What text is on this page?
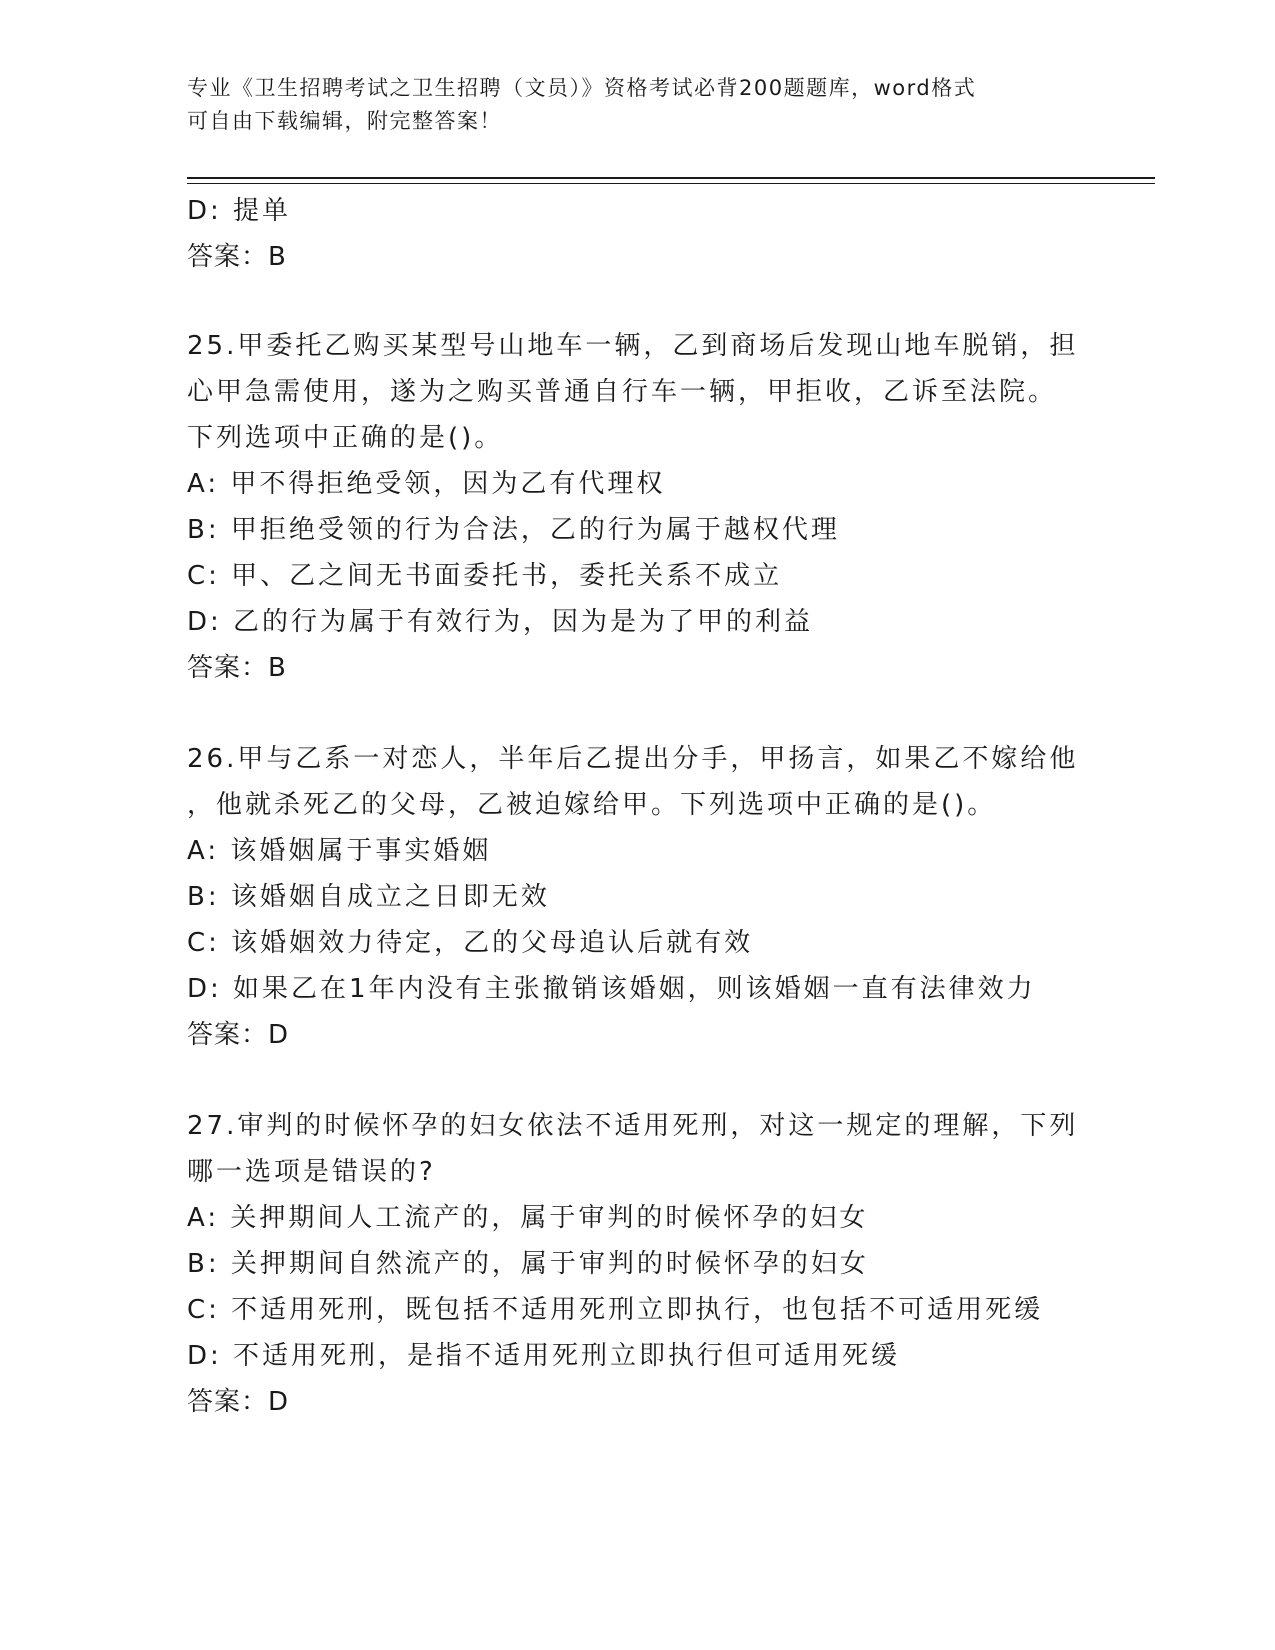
专业《卫生招聘考试之卫生招聘（文员）》资格考试必背200题题库，word格式
可自由下载编辑，附完整答案！
D: 提单
答案：B
25.甲委托乙购买某型号山地车一辆，乙到商场后发现山地车脱销，担
心甲急需使用，遂为之购买普通自行车一辆，甲拒收，乙诉至法院。
下列选项中正确的是()。
A: 甲不得拒绝受领，因为乙有代理权
B: 甲拒绝受领的行为合法，乙的行为属于越权代理
C: 甲、乙之间无书面委托书，委托关系不成立
D: 乙的行为属于有效行为，因为是为了甲的利益
答案：B
26.甲与乙系一对恋人，半年后乙提出分手，甲扬言，如果乙不嫁给他
，他就杀死乙的父母，乙被迫嫁给甲。下列选项中正确的是()。
A: 该婚姻属于事实婚姻
B: 该婚姻自成立之日即无效
C: 该婚姻效力待定，乙的父母追认后就有效
D: 如果乙在1年内没有主张撤销该婚姻，则该婚姻一直有法律效力
答案：D
27.审判的时候怀孕的妇女依法不适用死刑，对这一规定的理解，下列
哪一选项是错误的?
A: 关押期间人工流产的，属于审判的时候怀孕的妇女
B: 关押期间自然流产的，属于审判的时候怀孕的妇女
C: 不适用死刑，既包括不适用死刑立即执行，也包括不可适用死缓
D: 不适用死刑，是指不适用死刑立即执行但可适用死缓
答案：D
